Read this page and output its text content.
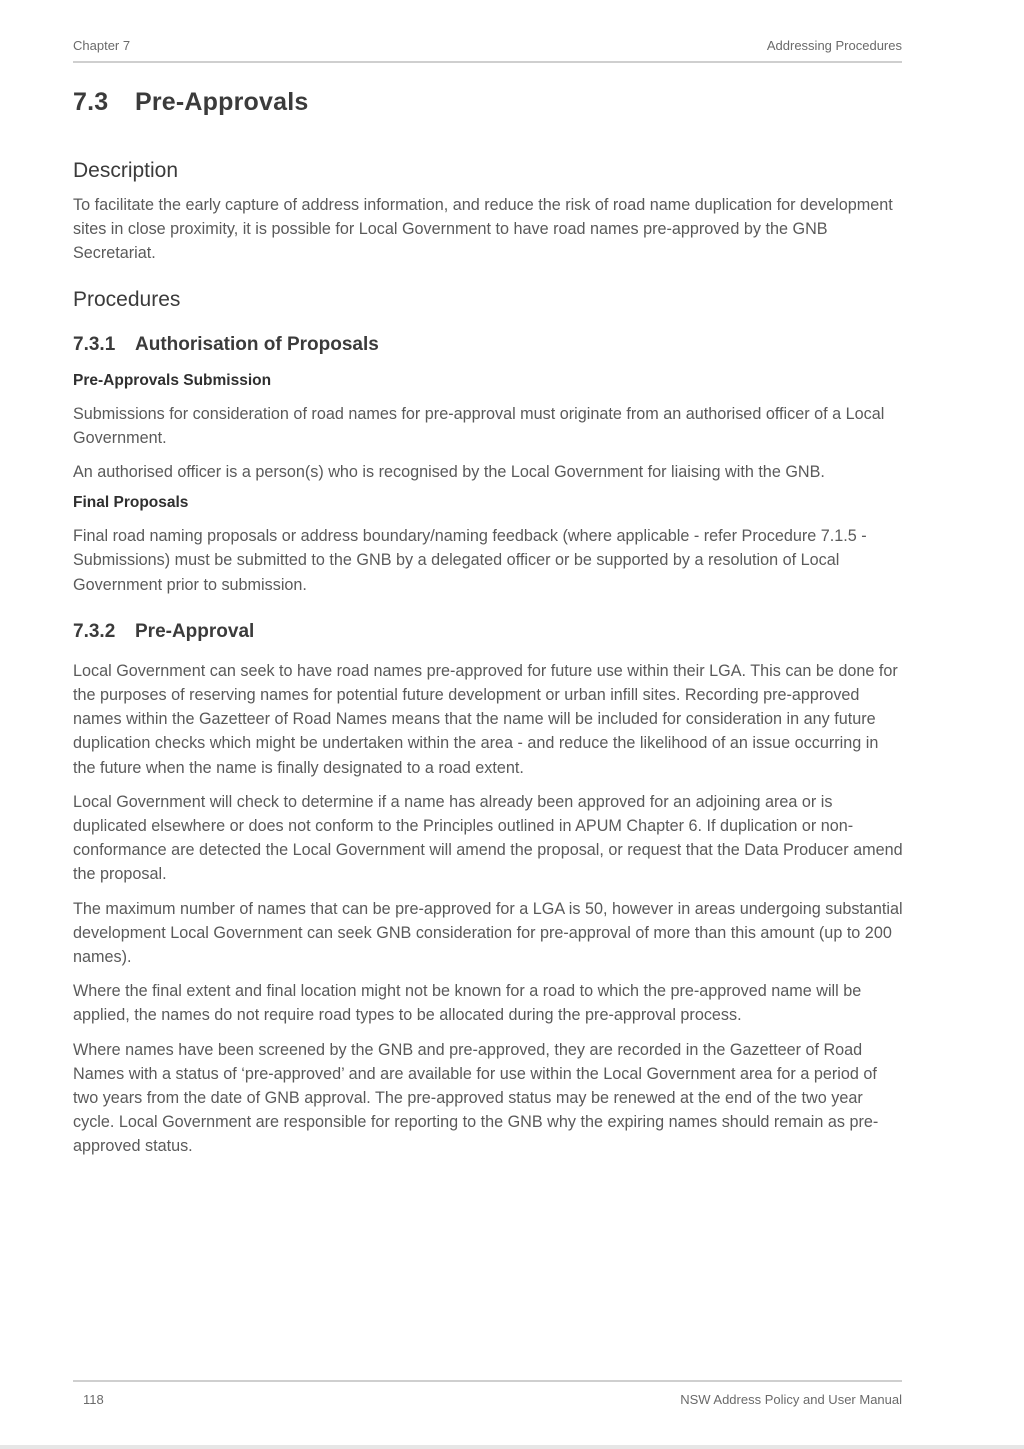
Chapter 7	Addressing Procedures
7.3 Pre-Approvals
Description

To facilitate the early capture of address information, and reduce the risk of road name duplication for development sites in close proximity, it is possible for Local Government to have road names pre-approved by the GNB Secretariat.

Procedures
7.3.1 Authorisation of Proposals
Pre-Approvals Submission

Submissions for consideration of road names for pre-approval must originate from an authorised officer of a Local Government.

An authorised officer is a person(s) who is recognised by the Local Government for liaising with the GNB.

Final Proposals

Final road naming proposals or address boundary/naming feedback (where applicable - refer Procedure 7.1.5 - Submissions) must be submitted to the GNB by a delegated officer or be supported by a resolution of Local Government prior to submission.

7.3.2 Pre-Approval

Local Government can seek to have road names pre-approved for future use within their LGA. This can be done for the purposes of reserving names for potential future development or urban infill sites. Recording pre-approved names within the Gazetteer of Road Names means that the name will be included for consideration in any future duplication checks which might be undertaken within the area - and reduce the likelihood of an issue occurring in the future when the name is finally designated to a road extent.

Local Government will check to determine if a name has already been approved for an adjoining area or is duplicated elsewhere or does not conform to the Principles outlined in APUM Chapter 6. If duplication or non-conformance are detected the Local Government will amend the proposal, or request that the Data Producer amend the proposal.

The maximum number of names that can be pre-approved for a LGA is 50, however in areas undergoing substantial development Local Government can seek GNB consideration for pre-approval of more than this amount (up to 200 names).

Where the final extent and final location might not be known for a road to which the pre-approved name will be applied, the names do not require road types to be allocated during the pre-approval process.

Where names have been screened by the GNB and pre-approved, they are recorded in the Gazetteer of Road Names with a status of ‘pre-approved’ and are available for use within the Local Government area for a period of two years from the date of GNB approval. The pre-approved status may be renewed at the end of the two year cycle. Local Government are responsible for reporting to the GNB why the expiring names should remain as pre-approved status.

118	NSW Address Policy and User Manual
